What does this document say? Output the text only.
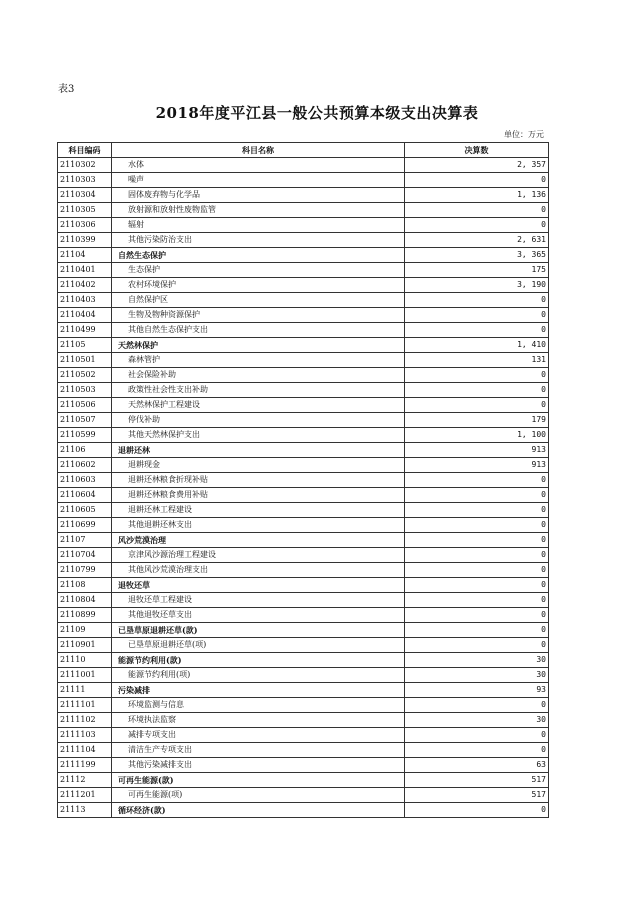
表3
2018年度平江县一般公共预算本级支出决算表
单位：万元
科目编码	科目名称	决算数
2110302	水体	2, 357
2110303	噪声	0
2110304	固体废弃物与化学品	1, 136
2110305	放射源和放射性废物监管	0
2110306	辐射	0
2110399	其他污染防治支出	2, 631
21104	自然生态保护	3, 365
2110401	生态保护	175
2110402	农村环境保护	3, 190
2110403	自然保护区	0
2110404	生物及物种资源保护	0
2110499	其他自然生态保护支出	0
21105	天然林保护	1, 410
2110501	森林管护	131
2110502	社会保险补助	0
2110503	政策性社会性支出补助	0
2110506	天然林保护工程建设	0
2110507	停伐补助	179
2110599	其他天然林保护支出	1, 100
21106	退耕还林	913
2110602	退耕现金	913
2110603	退耕还林粮食折现补贴	0
2110604	退耕还林粮食费用补贴	0
2110605	退耕还林工程建设	0
2110699	其他退耕还林支出	0
21107	风沙荒漠治理	0
2110704	京津风沙源治理工程建设	0
2110799	其他风沙荒漠治理支出	0
21108	退牧还草	0
2110804	退牧还草工程建设	0
2110899	其他退牧还草支出	0
21109	已垦草原退耕还草(款)	0
2110901	已垦草原退耕还草(项)	0
21110	能源节约利用(款)	30
2111001	能源节约利用(项)	30
21111	污染减排	93
2111101	环境监测与信息	0
2111102	环境执法监察	30
2111103	减排专项支出	0
2111104	清洁生产专项支出	0
2111199	其他污染减排支出	63
21112	可再生能源(款)	517
2111201	可再生能源(项)	517
21113	循环经济(款)	0
